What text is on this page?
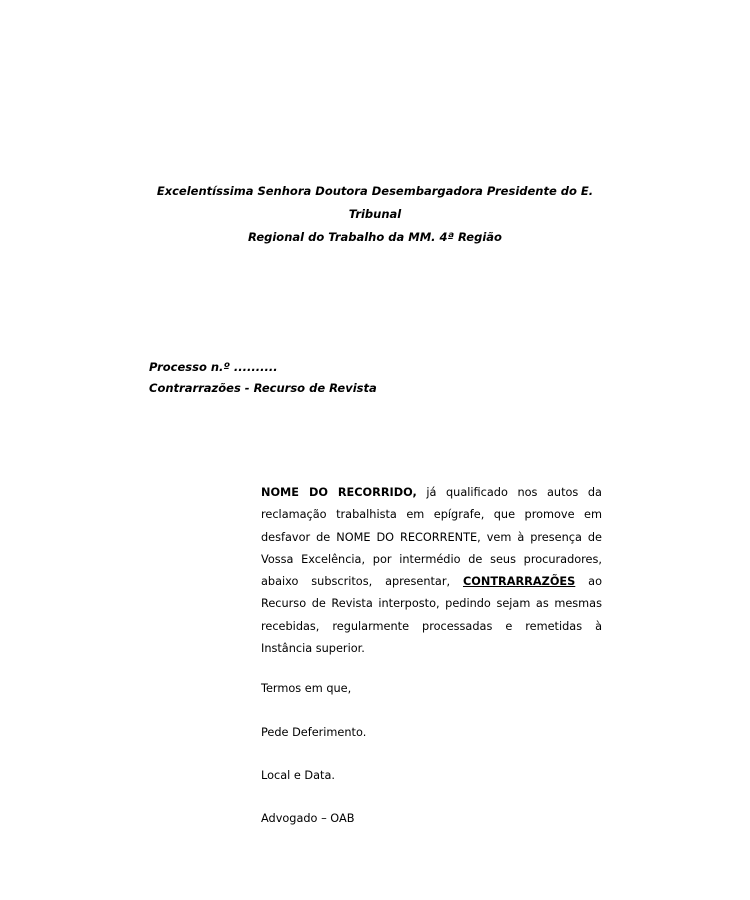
Excelentíssima Senhora Doutora Desembargadora Presidente do E. Tribunal
Regional do Trabalho da MM. 4ª Região
Processo n.º ..........
Contrarrazões - Recurso de Revista

NOME DO RECORRIDO, já qualificado nos autos da reclamação trabalhista em epígrafe, que promove em desfavor de NOME DO RECORRENTE, vem à presença de Vossa Excelência, por intermédio de seus procuradores, abaixo subscritos, apresentar, CONTRARRAZÕES ao Recurso de Revista interposto, pedindo sejam as mesmas recebidas, regularmente processadas e remetidas à Instância superior.

Termos em que,

Pede Deferimento.

Local e Data.

Advogado – OAB
